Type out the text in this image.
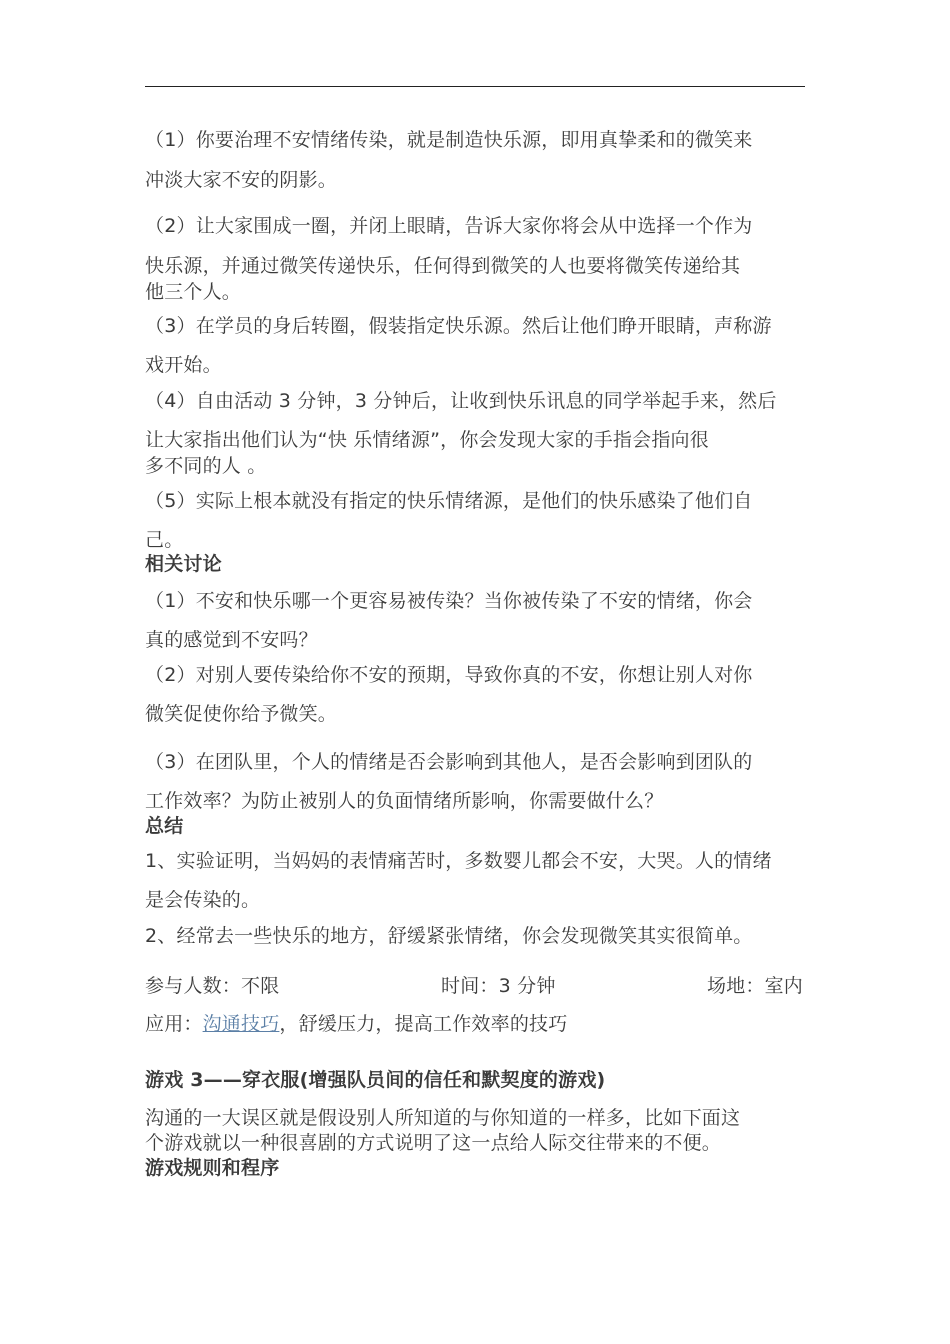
（1）你要治理不安情绪传染，就是制造快乐源，即用真挚柔和的微笑来
冲淡大家不安的阴影。
（2）让大家围成一圈，并闭上眼睛，告诉大家你将会从中选择一个作为
快乐源，并通过微笑传递快乐，任何得到微笑的人也要将微笑传递给其
他三个人。
（3）在学员的身后转圈，假装指定快乐源。然后让他们睁开眼睛，声称游
戏开始。
（4）自由活动 3 分钟，3 分钟后，让收到快乐讯息的同学举起手来，然后
让大家指出他们认为“快 乐情绪源”，你会发现大家的手指会指向很
多不同的人 。
（5）实际上根本就没有指定的快乐情绪源，是他们的快乐感染了他们自
己。
相关讨论
（1）不安和快乐哪一个更容易被传染？当你被传染了不安的情绪，你会
真的感觉到不安吗？
（2）对别人要传染给你不安的预期，导致你真的不安，你想让别人对你
微笑促使你给予微笑。
（3）在团队里，个人的情绪是否会影响到其他人，是否会影响到团队的
工作效率？为防止被别人的负面情绪所影响，你需要做什么？
总结
1、实验证明，当妈妈的表情痛苦时，多数婴儿都会不安，大哭。人的情绪
是会传染的。
2、经常去一些快乐的地方，舒缓紧张情绪，你会发现微笑其实很简单。
参与人数：不限	时间：3 分钟	场地：室内
应用：沟通技巧，舒缓压力，提高工作效率的技巧
游戏 3——穿衣服(增强队员间的信任和默契度的游戏)
沟通的一大误区就是假设别人所知道的与你知道的一样多，比如下面这
个游戏就以一种很喜剧的方式说明了这一点给人际交往带来的不便。
游戏规则和程序
